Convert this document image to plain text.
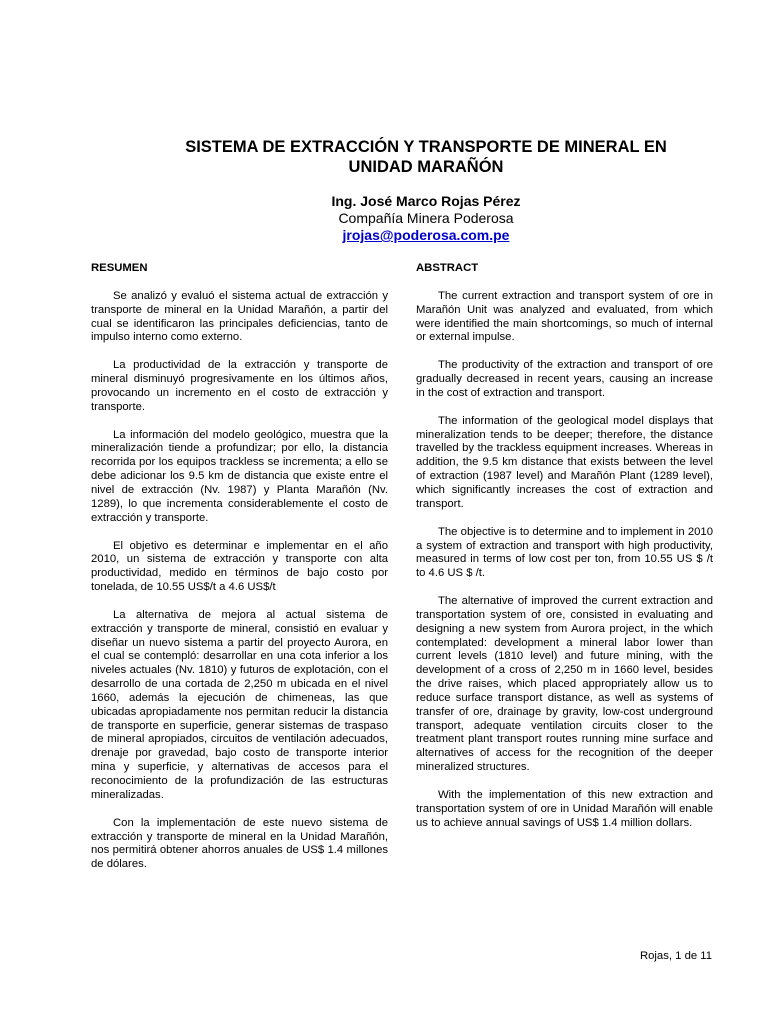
SISTEMA DE EXTRACCIÓN Y TRANSPORTE DE MINERAL EN
UNIDAD MARAÑÓN
Ing. José Marco Rojas Pérez
Compañía Minera Poderosa
jrojas@poderosa.com.pe
RESUMEN

Se analizó y evaluó el sistema actual de extracción y transporte de mineral en la Unidad Marañón, a partir del cual se identificaron las principales deficiencias, tanto de impulso interno como externo.

La productividad de la extracción y transporte de mineral disminuyó progresivamente en los últimos años, provocando un incremento en el costo de extracción y transporte.

La información del modelo geológico, muestra que la mineralización tiende a profundizar; por ello, la distancia recorrida por los equipos trackless se incrementa; a ello se debe adicionar los 9.5 km de distancia que existe entre el nivel de extracción (Nv. 1987) y Planta Marañón (Nv. 1289), lo que incrementa considerablemente el costo de extracción y transporte.

El objetivo es determinar e implementar en el año 2010, un sistema de extracción y transporte con alta productividad, medido en términos de bajo costo por tonelada, de 10.55 US$/t a 4.6 US$/t

La alternativa de mejora al actual sistema de extracción y transporte de mineral, consistió en evaluar y diseñar un nuevo sistema a partir del proyecto Aurora, en el cual se contempló: desarrollar en una cota inferior a los niveles actuales (Nv. 1810) y futuros de explotación, con el desarrollo de una cortada de 2,250 m ubicada en el nivel 1660, además la ejecución de chimeneas, las que ubicadas apropiadamente nos permitan reducir la distancia de transporte en superficie, generar sistemas de traspaso de mineral apropiados, circuitos de ventilación adecuados, drenaje por gravedad, bajo costo de transporte interior mina y superficie, y alternativas de accesos para el reconocimiento de la profundización de las estructuras mineralizadas.

Con la implementación de este nuevo sistema de extracción y transporte de mineral en la Unidad Marañón, nos permitirá obtener ahorros anuales de US$ 1.4 millones de dólares.

ABSTRACT

The current extraction and transport system of ore in Marañón Unit was analyzed and evaluated, from which were identified the main shortcomings, so much of internal or external impulse.

The productivity of the extraction and transport of ore gradually decreased in recent years, causing an increase in the cost of extraction and transport.

The information of the geological model displays that mineralization tends to be deeper; therefore, the distance travelled by the trackless equipment increases. Whereas in addition, the 9.5 km distance that exists between the level of extraction (1987 level) and Marañón Plant (1289 level), which significantly increases the cost of extraction and transport.

The objective is to determine and to implement in 2010 a system of extraction and transport with high productivity, measured in terms of low cost per ton, from 10.55 US $ /t to 4.6 US $ /t.

The alternative of improved the current extraction and transportation system of ore, consisted in evaluating and designing a new system from Aurora project, in the which contemplated: development a mineral labor lower than current levels (1810 level) and future mining, with the development of a cross of 2,250 m in 1660 level, besides the drive raises, which placed appropriately allow us to reduce surface transport distance, as well as systems of transfer of ore, drainage by gravity, low-cost underground transport, adequate ventilation circuits closer to the treatment plant transport routes running mine surface and alternatives of access for the recognition of the deeper mineralized structures.

With the implementation of this new extraction and transportation system of ore in Unidad Marañón will enable us to achieve annual savings of US$ 1.4 million dollars.

Rojas, 1 de 11
